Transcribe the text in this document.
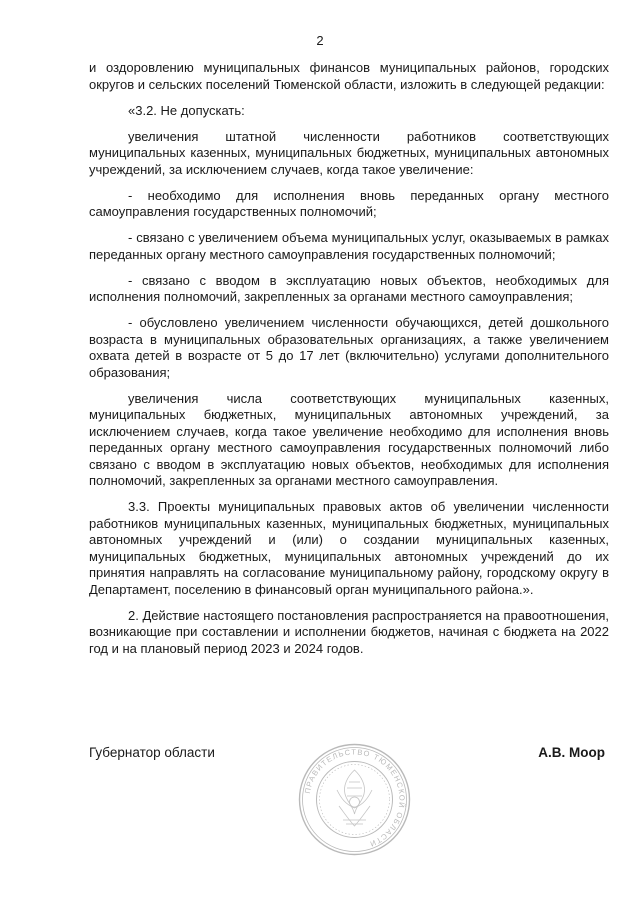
2

и оздоровлению муниципальных финансов муниципальных районов, городских округов и сельских поселений Тюменской области, изложить в следующей редакции:

«3.2. Не допускать:

увеличения штатной численности работников соответствующих муниципальных казенных, муниципальных бюджетных, муниципальных автономных учреждений, за исключением случаев, когда такое увеличение:

- необходимо для исполнения вновь переданных органу местного самоуправления государственных полномочий;

- связано с увеличением объема муниципальных услуг, оказываемых в рамках переданных органу местного самоуправления государственных полномочий;

- связано с вводом в эксплуатацию новых объектов, необходимых для исполнения полномочий, закрепленных за органами местного самоуправления;

- обусловлено увеличением численности обучающихся, детей дошкольного возраста в муниципальных образовательных организациях, а также увеличением охвата детей в возрасте от 5 до 17 лет (включительно) услугами дополнительного образования;

увеличения числа соответствующих муниципальных казенных, муниципальных бюджетных, муниципальных автономных учреждений, за исключением случаев, когда такое увеличение необходимо для исполнения вновь переданных органу местного самоуправления государственных полномочий либо связано с вводом в эксплуатацию новых объектов, необходимых для исполнения полномочий, закрепленных за органами местного самоуправления.

3.3. Проекты муниципальных правовых актов об увеличении численности работников муниципальных казенных, муниципальных бюджетных, муниципальных автономных учреждений и (или) о создании муниципальных казенных, муниципальных бюджетных, муниципальных автономных учреждений до их принятия направлять на согласование муниципальному району, городскому округу в Департамент, поселению в финансовый орган муниципального района.».

2. Действие настоящего постановления распространяется на правоотношения, возникающие при составлении и исполнении бюджетов, начиная с бюджета на 2022 год и на плановый период 2023 и 2024 годов.

Губернатор области	А.В. Моор
ПРАВИТЕЛЬСТВО ТЮМЕНСКОЙ ОБЛАСТИ
